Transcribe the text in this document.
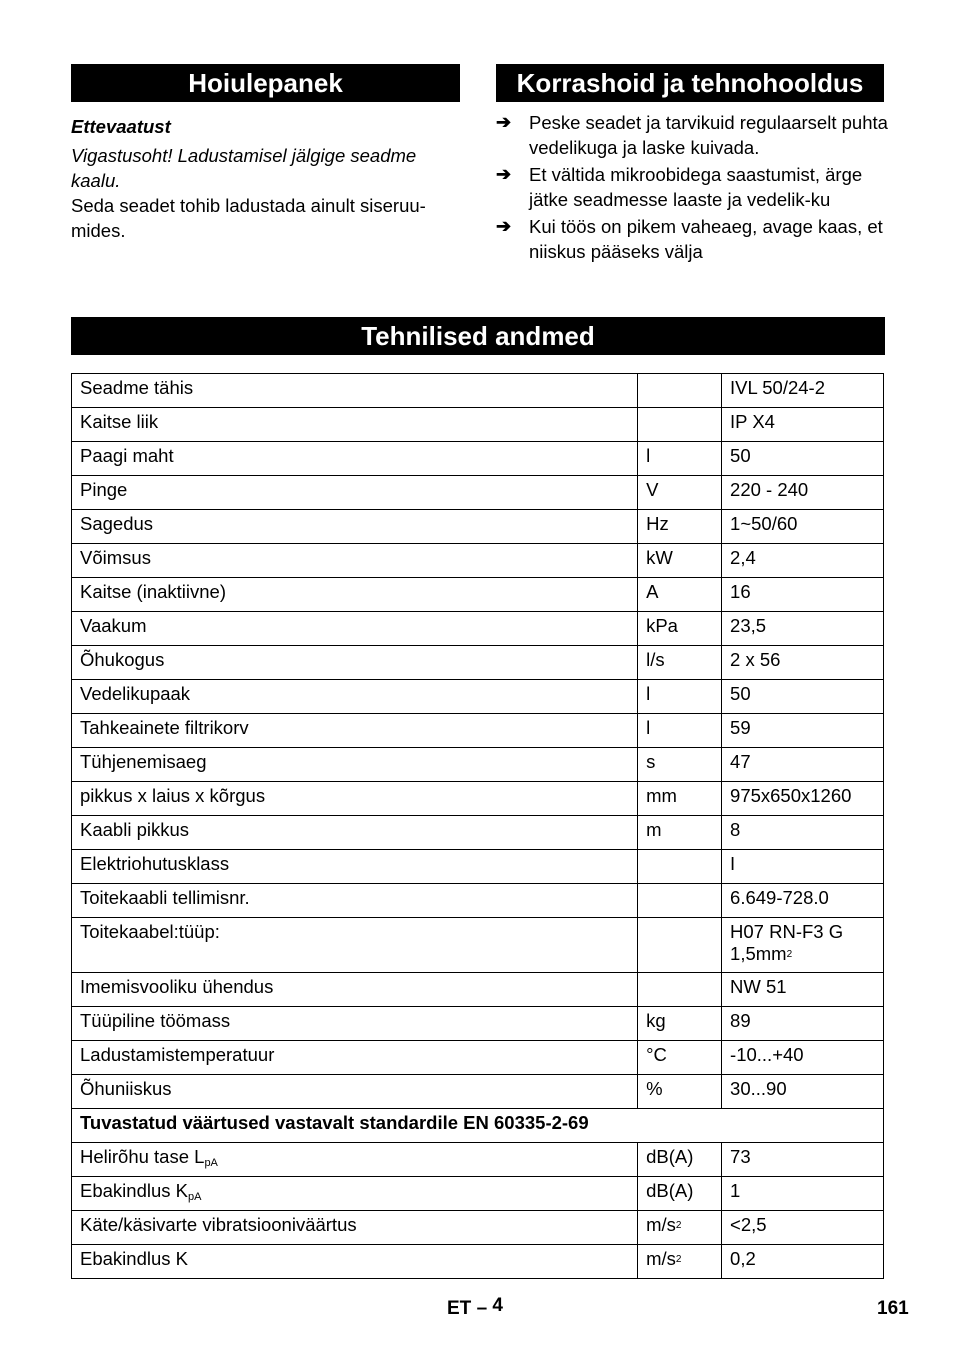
Hoiulepanek
Ettevaatust
Vigastusoht! Ladustamisel jälgige seadme kaalu.
Seda seadet tohib ladustada ainult siseruu-mides.
Korrashoid ja tehnohooldus
➔ Peske seadet ja tarvikuid regulaarselt puhta vedelikuga ja laske kuivada.
➔ Et vältida mikroobidega saastumist, ärge jätke seadmesse laaste ja vedelik-ku
➔ Kui töös on pikem vaheaeg, avage kaas, et niiskus pääseks välja
Tehnilised andmed
Seadme tähis		IVL 50/24-2
Kaitse liik		IP X4
Paagi maht	l	50
Pinge	V	220 - 240
Sagedus	Hz	1~50/60
Võimsus	kW	2,4
Kaitse (inaktiivne)	A	16
Vaakum	kPa	23,5
Õhukogus	l/s	2 x 56
Vedelikupaak	l	50
Tahkeainete filtrikorv	l	59
Tühjenemisaeg	s	47
pikkus x laius x kõrgus	mm	975x650x1260
Kaabli pikkus	m	8
Elektriohutusklass		I
Toitekaabli tellimisnr.		6.649-728.0
Toitekaabel:tüüp:		H07 RN-F3 G
$1,5mm^2$
Imemisvooliku ühendus		NW 51
Tüüpiline töömass	kg	89
Ladustamistemperatuur	°C	-10...+40
Õhuniiskus	%	30...90
Tuvastatud väärtused vastavalt standardile EN 60335-2-69		
Helirõhu tase $L_{pA}$	dB(A)	73
Ebakindlus $K_{pA}$	dB(A)	1
Käte/käsivarte vibratsiooniväärtus	$m/s^2$	<2,5
Ebakindlus K	$m/s^2$	0,2
ET – 4	161
